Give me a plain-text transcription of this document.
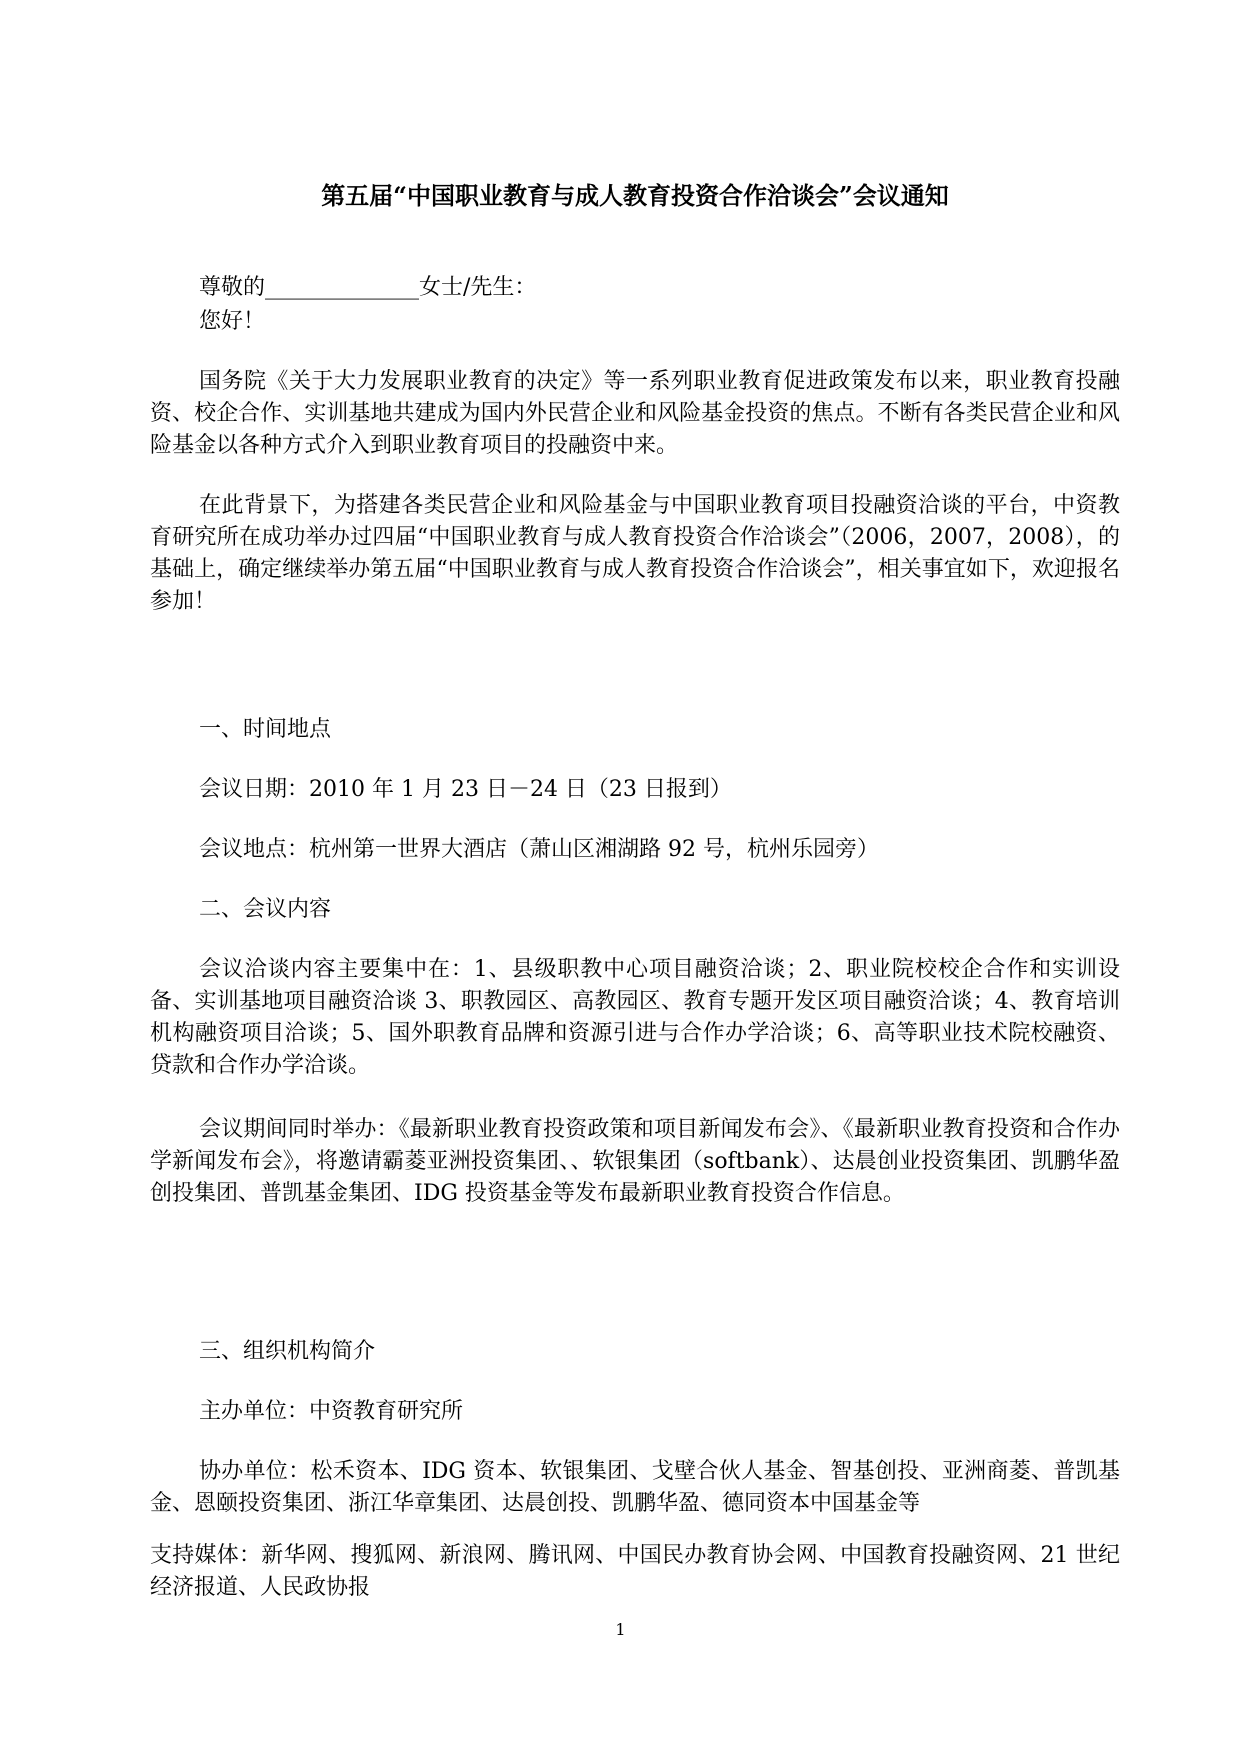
第五届“中国职业教育与成人教育投资合作洽谈会”会议通知
尊敬的______________女士/先生：
您好！

国务院《关于大力发展职业教育的决定》等一系列职业教育促进政策发布以来，职业教育投融资、校企合作、实训基地共建成为国内外民营企业和风险基金投资的焦点。不断有各类民营企业和风险基金以各种方式介入到职业教育项目的投融资中来。

在此背景下，为搭建各类民营企业和风险基金与中国职业教育项目投融资洽谈的平台，中资教育研究所在成功举办过四届“中国职业教育与成人教育投资合作洽谈会”（2006，2007，2008），的基础上，确定继续举办第五届“中国职业教育与成人教育投资合作洽谈会”，相关事宜如下，欢迎报名参加！

一、时间地点
会议日期：2010 年 1 月 23 日－24 日（23 日报到）
会议地点：杭州第一世界大酒店（萧山区湘湖路 92 号，杭州乐园旁）
二、会议内容

会议洽谈内容主要集中在：1、县级职教中心项目融资洽谈；2、职业院校校企合作和实训设备、实训基地项目融资洽谈 3、职教园区、高教园区、教育专题开发区项目融资洽谈；4、教育培训机构融资项目洽谈；5、国外职教育品牌和资源引进与合作办学洽谈；6、高等职业技术院校融资、贷款和合作办学洽谈。

会议期间同时举办：《最新职业教育投资政策和项目新闻发布会》、《最新职业教育投资和合作办学新闻发布会》，将邀请霸菱亚洲投资集团、、软银集团（softbank）、达晨创业投资集团、凯鹏华盈创投集团、普凯基金集团、IDG 投资基金等发布最新职业教育投资合作信息。

三、组织机构简介
主办单位：中资教育研究所

协办单位：松禾资本、IDG 资本、软银集团、戈壁合伙人基金、智基创投、亚洲商菱、普凯基金、恩颐投资集团、浙江华章集团、达晨创投、凯鹏华盈、德同资本中国基金等

支持媒体：新华网、搜狐网、新浪网、腾讯网、中国民办教育协会网、中国教育投融资网、21 世纪经济报道、人民政协报

1
